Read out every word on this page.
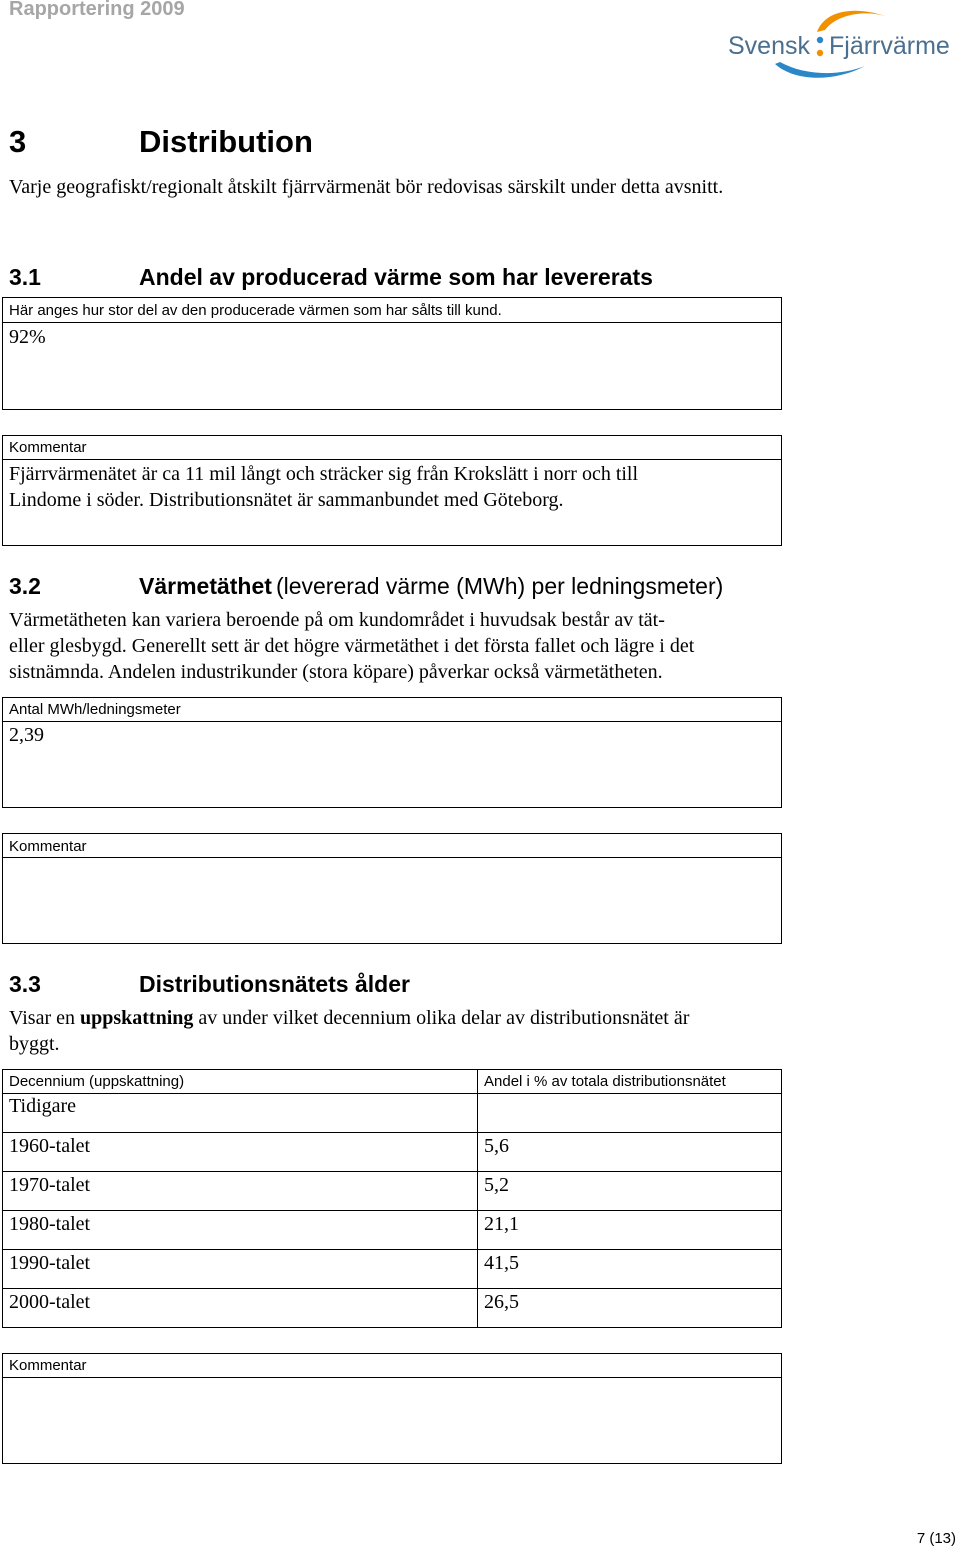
Rapportering 2009
Svensk Fjärrvärme
3	Distribution
Varje geografiskt/regionalt åtskilt fjärrvärmenät bör redovisas särskilt under detta avsnitt.
3.1	Andel av producerad värme som har levererats
Här anges hur stor del av den producerade värmen som har sålts till kund.
92%
Kommentar
Fjärrvärmenätet är ca 11 mil långt och sträcker sig från Krokslätt i norr och till
Lindome i söder. Distributionsnätet är sammanbundet med Göteborg.
3.2	Värmetäthet (levererad värme (MWh) per ledningsmeter)
Värmetätheten kan variera beroende på om kundområdet i huvudsak består av tät-
eller glesbygd. Generellt sett är det högre värmetäthet i det första fallet och lägre i det
sistnämnda. Andelen industrikunder (stora köpare) påverkar också värmetätheten.
Antal MWh/ledningsmeter
2,39
Kommentar
3.3	Distributionsnätets ålder
Visar en uppskattning av under vilket decennium olika delar av distributionsnätet är
byggt.
Decennium (uppskattning)	Andel i % av totala distributionsnätet
Tidigare
1960-talet	5,6
1970-talet	5,2
1980-talet	21,1
1990-talet	41,5
2000-talet	26,5
Kommentar
7 (13)
